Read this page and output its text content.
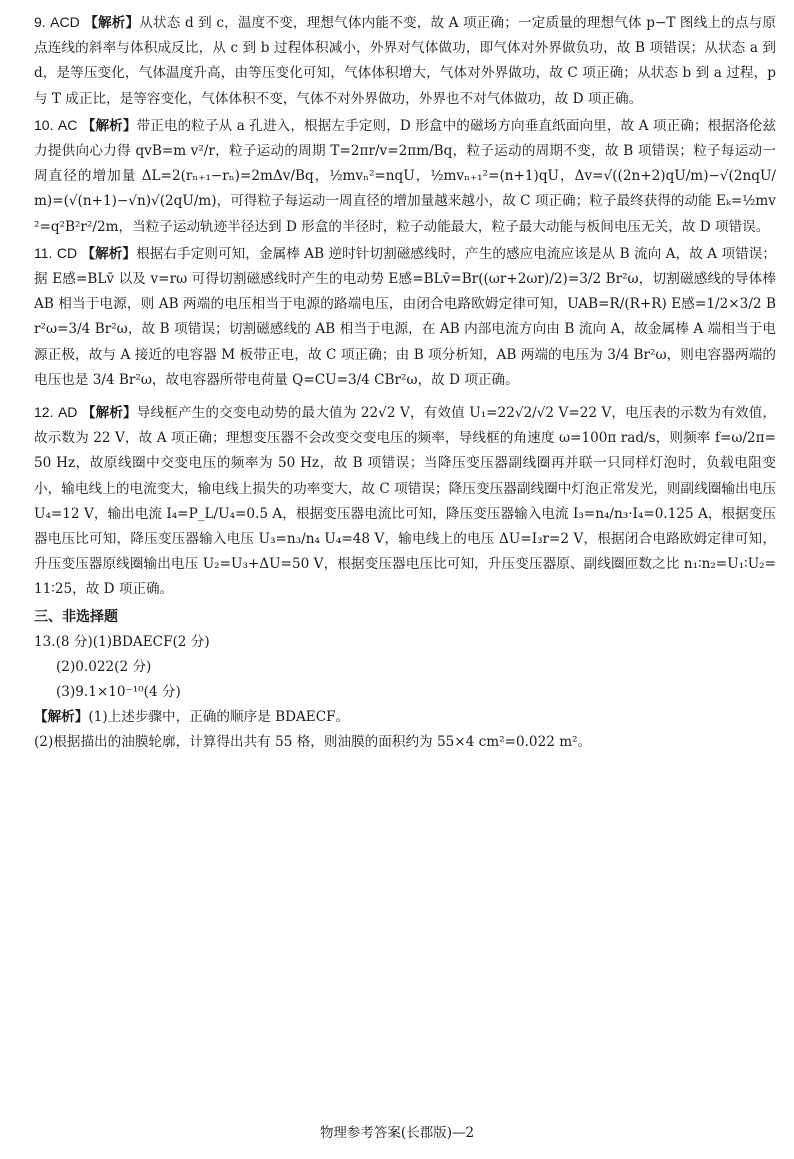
9. ACD 【解析】从状态 d 到 c，温度不变，理想气体内能不变，故 A 项正确；一定质量的理想气体 p−T 图线上的点与原点连线的斜率与体积成反比，从 c 到 b 过程体积减小，外界对气体做功，即气体对外界做负功，故 B 项错误；从状态 a 到 d，是等压变化，气体温度升高，由等压变化可知，气体体积增大，气体对外界做功，故 C 项正确；从状态 b 到 a 过程，p 与 T 成正比，是等容变化，气体体积不变，气体不对外界做功，外界也不对气体做功，故 D 项正确。

10. AC 【解析】带正电的粒子从 a 孔进入，根据左手定则，D 形盒中的磁场方向垂直纸面向里，故 A 项正确；根据洛伦兹力提供向心力得 qvB=m v²/r，粒子运动的周期 T=2πr/v=2πm/Bq，粒子运动的周期不变，故 B 项错误；粒子每运动一周直径的增加量 ΔL=2(rₙ₊₁−rₙ)=2mΔv/Bq，½mvₙ²=nqU，½mvₙ₊₁²=(n+1)qU，Δv=√((2n+2)qU/m)−√(2nqU/m)=(√(n+1)−√n)√(2qU/m)，可得粒子每运动一周直径的增加量越来越小，故 C 项正确；粒子最终获得的动能 Eₖ=½mv²=q²B²r²/2m，当粒子运动轨迹半径达到 D 形盒的半径时，粒子动能最大，粒子最大动能与板间电压无关，故 D 项错误。

11. CD 【解析】根据右手定则可知，金属棒 AB 逆时针切割磁感线时，产生的感应电流应该是从 B 流向 A，故 A 项错误；据 E感=BLv̄ 以及 v=rω 可得切割磁感线时产生的电动势 E感=BLv̄=Br((ωr+2ωr)/2)=3/2 Br²ω，切割磁感线的导体棒 AB 相当于电源，则 AB 两端的电压相当于电源的路端电压，由闭合电路欧姆定律可知，UAB=R/(R+R) E感=1/2×3/2 Br²ω=3/4 Br²ω，故 B 项错误；切割磁感线的 AB 相当于电源，在 AB 内部电流方向由 B 流向 A，故金属棒 A 端相当于电源正极，故与 A 接近的电容器 M 板带正电，故 C 项正确；由 B 项分析知，AB 两端的电压为 3/4 Br²ω，则电容器两端的电压也是 3/4 Br²ω，故电容器所带电荷量 Q=CU=3/4 CBr²ω，故 D 项正确。

12. AD 【解析】导线框产生的交变电动势的最大值为 22√2 V，有效值 U₁=22√2/√2 V=22 V，电压表的示数为有效值，故示数为 22 V，故 A 项正确；理想变压器不会改变交变电压的频率，导线框的角速度 ω=100π rad/s，则频率 f=ω/2π=50 Hz，故原线圈中交变电压的频率为 50 Hz，故 B 项错误；当降压变压器副线圈再并联一只同样灯泡时，负载电阻变小，输电线上的电流变大，输电线上损失的功率变大，故 C 项错误；降压变压器副线圈中灯泡正常发光，则副线圈输出电压 U₄=12 V，输出电流 I₄=P_L/U₄=0.5 A，根据变压器电流比可知，降压变压器输入电流 I₃=n₄/n₃·I₄=0.125 A，根据变压器电压比可知，降压变压器输入电压 U₃=n₃/n₄ U₄=48 V，输电线上的电压 ΔU=I₃r=2 V，根据闭合电路欧姆定律可知，升压变压器原线圈输出电压 U₂=U₃+ΔU=50 V，根据变压器电压比可知，升压变压器原、副线圈匝数之比 n₁∶n₂=U₁∶U₂=11∶25，故 D 项正确。

三、非选择题

13.(8 分)(1)BDAECF(2 分)

(2)0.022(2 分)

(3)9.1×10⁻¹⁰(4 分)

【解析】(1)上述步骤中，正确的顺序是 BDAECF。

(2)根据描出的油膜轮廓，计算得出共有 55 格，则油膜的面积约为 55×4 cm²=0.022 m²。

物理参考答案(长郡版)—2
